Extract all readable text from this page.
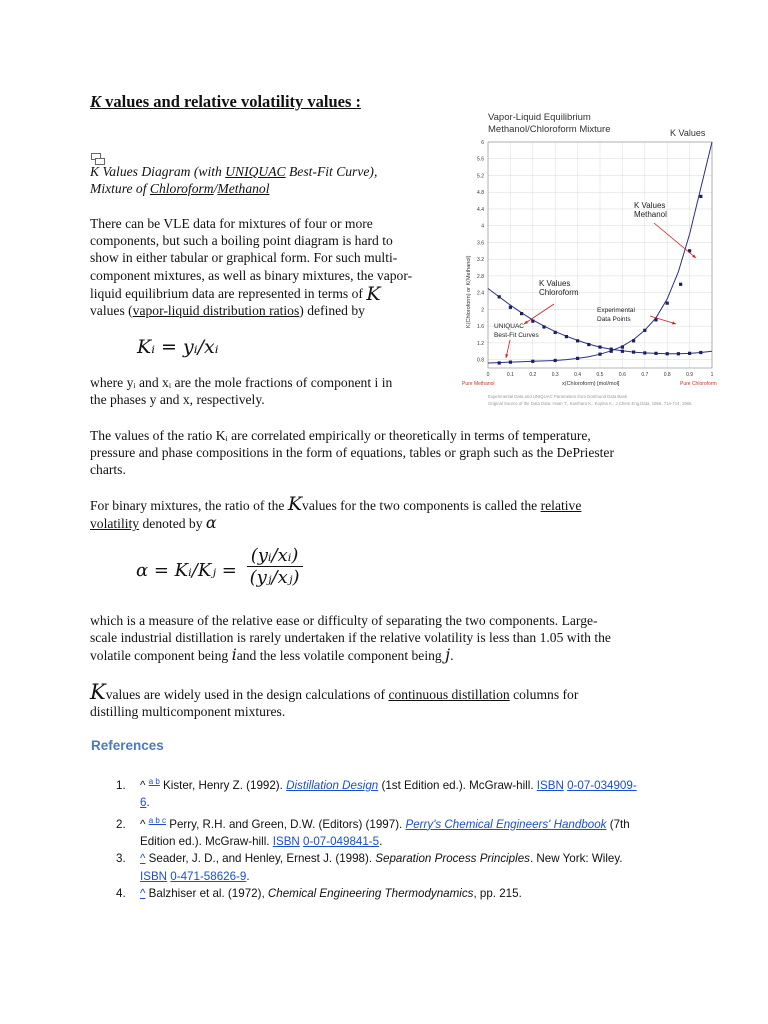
K values and relative volatility values :
K Values Diagram (with UNIQUAC Best-Fit Curve),
Mixture of Chloroform/Methanol
There can be VLE data for mixtures of four or more
components, but such a boiling point diagram is hard to
show in either tabular or graphical form. For such multi-
component mixtures, as well as binary mixtures, the vapor-
liquid equilibrium data are represented in terms of K
values (vapor-liquid distribution ratios) defined by
Kᵢ = yᵢ/xᵢ
where yᵢ and xᵢ are the mole fractions of component i in
the phases y and x, respectively.
Vapor-Liquid Equilibrium
Methanol/Chloroform Mixture	K Values
0	0.1	0.2	0.3	0.4	0.5	0.6	0.7	0.8	0.9	1
0.8
1.2
1.6
2
2.4
2.8
3.2
3.6
4
4.4
4.8
5.2
5.6
6
K Values
Methanol
K Values
Chloroform
Experimental
Data Points
UNIQUAC
Best-Fit Curves
K(Chloroform) or K(Methanol)
x(Chloroform) [mol/mol]
Pure Methanol	Pure Chloroform
Experimental Data and UNIQUAC Parameters from Dortmund Data Bank
Original Source of the Data Data: Hoan T., Kanthara K., Kojima K., J.Chem.Eng.Data, 1966, 714-714, 1966
The values of the ratio Kᵢ are correlated empirically or theoretically in terms of temperature,
pressure and phase compositions in the form of equations, tables or graph such as the DePriester
charts.
For binary mixtures, the ratio of the Kvalues for the two components is called the relative
volatility denoted by α
α = Kᵢ/Kⱼ = $\frac{\text{(yᵢ/xᵢ)}}{\text{(yⱼ/xⱼ)}}$
which is a measure of the relative ease or difficulty of separating the two components. Large-
scale industrial distillation is rarely undertaken if the relative volatility is less than 1.05 with the
volatile component being iand the less volatile component being j.
Kvalues are widely used in the design calculations of continuous distillation columns for
distilling multicomponent mixtures.
References
1. ^ $^{a b}$ Kister, Henry Z. (1992). Distillation Design (1st Edition ed.). McGraw-hill. ISBN 0-07-034909-
6.
2. ^ $^{a b c}$ Perry, R.H. and Green, D.W. (Editors) (1997). Perry's Chemical Engineers' Handbook (7th
Edition ed.). McGraw-hill. ISBN 0-07-049841-5.
3. ^ Seader, J. D., and Henley, Ernest J. (1998). Separation Process Principles. New York: Wiley.
ISBN 0-471-58626-9.
4. ^ Balzhiser et al. (1972), Chemical Engineering Thermodynamics, pp. 215.
